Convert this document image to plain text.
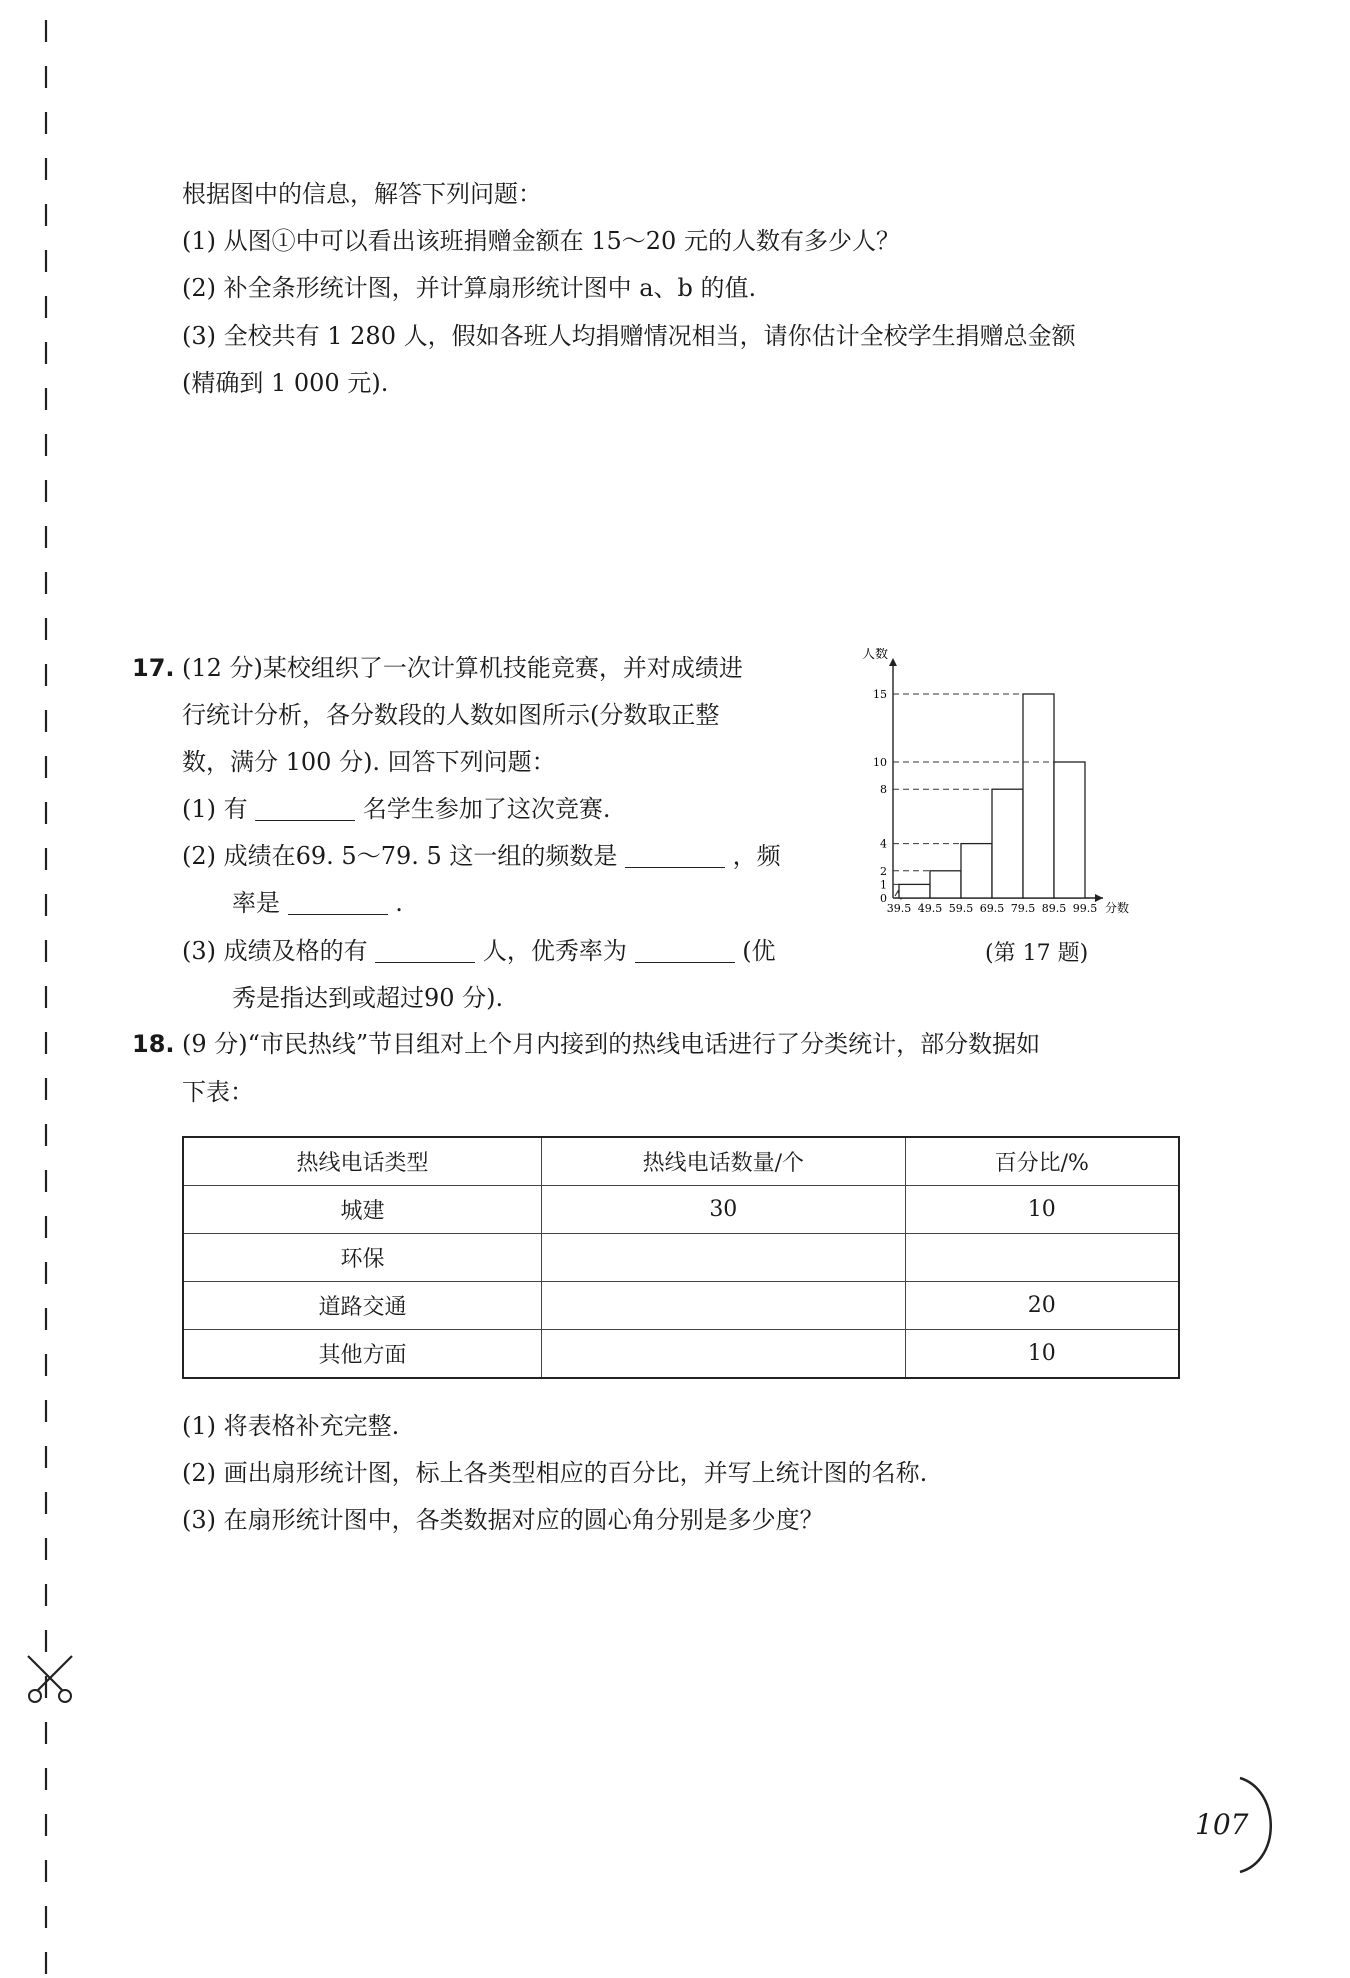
根据图中的信息，解答下列问题：
(1) 从图①中可以看出该班捐赠金额在 15～20 元的人数有多少人？
(2) 补全条形统计图，并计算扇形统计图中 a、b 的值.
(3) 全校共有 1 280 人，假如各班人均捐赠情况相当，请你估计全校学生捐赠总金额
(精确到 1 000 元).
17. (12 分)某校组织了一次计算机技能竞赛，并对成绩进
行统计分析，各分数段的人数如图所示(分数取正整
数，满分 100 分). 回答下列问题：
(1) 有	名学生参加了这次竞赛.
(2) 成绩在69. 5～79. 5 这一组的频数是	，频
率是	.
(3) 成绩及格的有	人，优秀率为	(优
秀是指达到或超过90 分).
人数
分数
0
1
2
4
8
10
15
39.5 49.5 59.5 69.5 79.5 89.5 99.5
(第 17 题)
18. (9 分)“市民热线”节目组对上个月内接到的热线电话进行了分类统计，部分数据如
下表：
热线电话类型	热线电话数量/个	百分比/%
城建	30	10
环保		
道路交通		20
其他方面		10
(1) 将表格补充完整.
(2) 画出扇形统计图，标上各类型相应的百分比，并写上统计图的名称.
(3) 在扇形统计图中，各类数据对应的圆心角分别是多少度？
107
